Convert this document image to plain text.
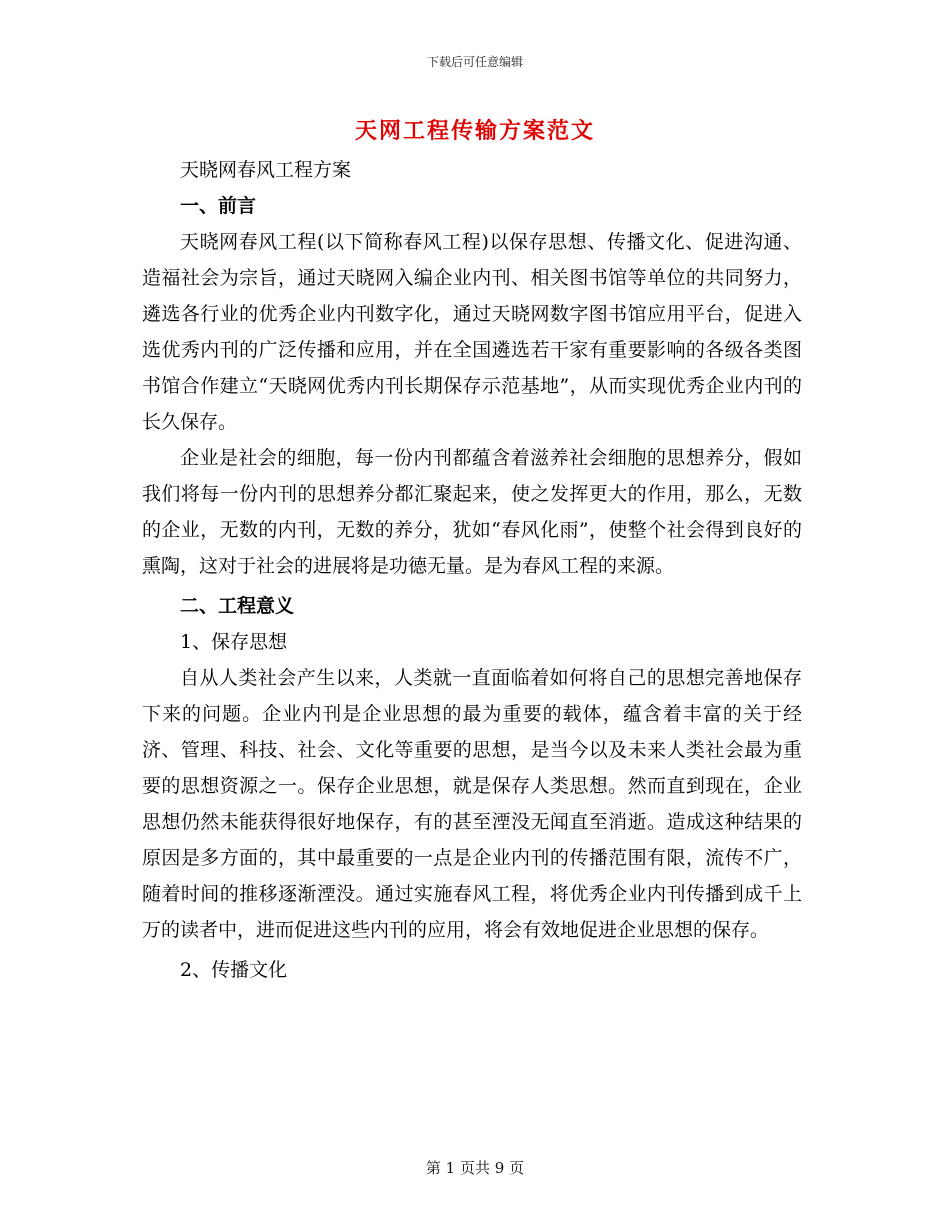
下载后可任意编辑
天网工程传输方案范文

天晓网春风工程方案

一、前言

天晓网春风工程(以下简称春风工程)以保存思想、传播文化、促进沟通、造福社会为宗旨，通过天晓网入编企业内刊、相关图书馆等单位的共同努力，遴选各行业的优秀企业内刊数字化，通过天晓网数字图书馆应用平台，促进入选优秀内刊的广泛传播和应用，并在全国遴选若干家有重要影响的各级各类图书馆合作建立“天晓网优秀内刊长期保存示范基地”，从而实现优秀企业内刊的长久保存。

企业是社会的细胞，每一份内刊都蕴含着滋养社会细胞的思想养分，假如我们将每一份内刊的思想养分都汇聚起来，使之发挥更大的作用，那么，无数的企业，无数的内刊，无数的养分，犹如“春风化雨”，使整个社会得到良好的熏陶，这对于社会的进展将是功德无量。是为春风工程的来源。

二、工程意义

1、保存思想

自从人类社会产生以来，人类就一直面临着如何将自己的思想完善地保存下来的问题。企业内刊是企业思想的最为重要的载体，蕴含着丰富的关于经济、管理、科技、社会、文化等重要的思想，是当今以及未来人类社会最为重要的思想资源之一。保存企业思想，就是保存人类思想。然而直到现在，企业思想仍然未能获得很好地保存，有的甚至湮没无闻直至消逝。造成这种结果的原因是多方面的，其中最重要的一点是企业内刊的传播范围有限，流传不广，随着时间的推移逐渐湮没。通过实施春风工程，将优秀企业内刊传播到成千上万的读者中，进而促进这些内刊的应用，将会有效地促进企业思想的保存。

2、传播文化

第 1 页共 9 页
